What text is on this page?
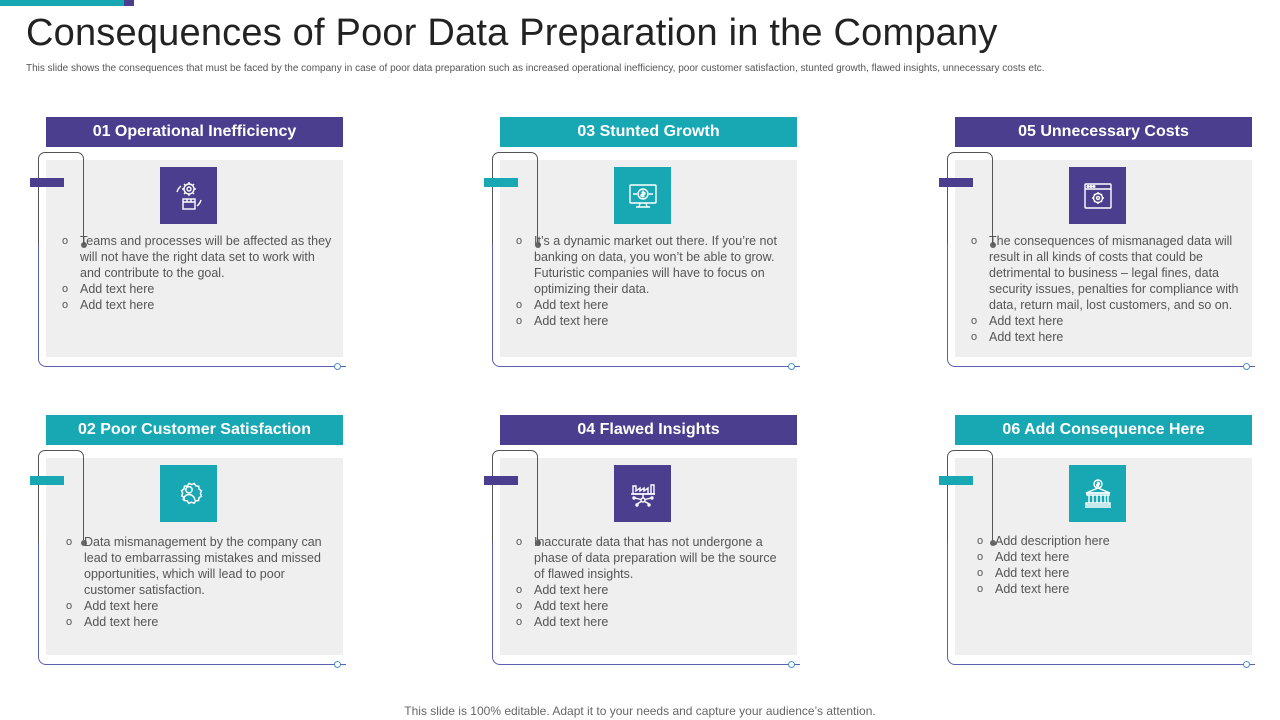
Consequences of Poor Data Preparation in the Company

This slide shows the consequences that must be faced by the company in case of poor data preparation such as increased operational inefficiency, poor customer satisfaction, stunted growth, flawed insights, unnecessary costs etc.

01 Operational Inefficiency
o Teams and processes will be affected as they will not have the right data set to work with and contribute to the goal.
o Add text here
o Add text here
03 Stunted Growth
o It’s a dynamic market out there. If you’re not banking on data, you won’t be able to grow. Futuristic companies will have to focus on optimizing their data.
o Add text here
o Add text here
05 Unnecessary Costs
o The consequences of mismanaged data will result in all kinds of costs that could be detrimental to business – legal fines, data security issues, penalties for compliance with data, return mail, lost customers, and so on.
o Add text here
o Add text here
02 Poor Customer Satisfaction
o Data mismanagement by the company can lead to embarrassing mistakes and missed opportunities, which will lead to poor customer satisfaction.
o Add text here
o Add text here
04 Flawed Insights
o Inaccurate data that has not undergone a phase of data preparation will be the source of flawed insights.
o Add text here
o Add text here
o Add text here
06 Add Consequence Here
o Add description here
o Add text here
o Add text here
o Add text here
This slide is 100% editable. Adapt it to your needs and capture your audience’s attention.
